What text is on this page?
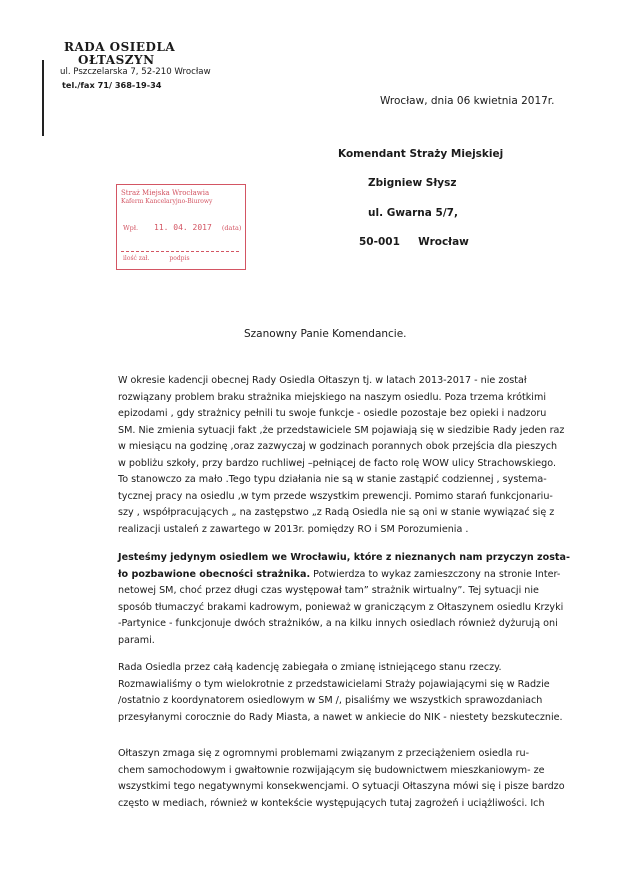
RADA OSIEDLA
OŁTASZYN
ul. Pszczelarska 7, 52-210 Wrocław
tel./fax 71/ 368-19-34
Wrocław, dnia 06 kwietnia 2017r.
Komendant Straży Miejskiej
Zbigniew Słysz
ul. Gwarna 5/7,
50-001 Wrocław
Straż Miejska Wrocławia
Kaferm Kancelaryjno-Biurowy
Wpł. 11. 04. 2017 (data)
ilość zał.	podpis
Szanowny Panie Komendancie.
W okresie kadencji obecnej Rady Osiedla Ołtaszyn tj. w latach 2013-2017 - nie został
rozwiązany problem braku strażnika miejskiego na naszym osiedlu. Poza trzema krótkimi
epizodami , gdy strażnicy pełnili tu swoje funkcje - osiedle pozostaje bez opieki i nadzoru
SM. Nie zmienia sytuacji fakt ,że przedstawiciele SM pojawiają się w siedzibie Rady jeden raz
w miesiącu na godzinę ,oraz zazwyczaj w godzinach porannych obok przejścia dla pieszych
w pobliżu szkoły, przy bardzo ruchliwej –pełniącej de facto rolę WOW ulicy Strachowskiego.
To stanowczo za mało .Tego typu działania nie są w stanie zastąpić codziennej , systema-
tycznej pracy na osiedlu ,w tym przede wszystkim prewencji. Pomimo starań funkcjonariu-
szy , współpracujących „ na zastępstwo „z Radą Osiedla nie są oni w stanie wywiązać się z
realizacji ustaleń z zawartego w 2013r. pomiędzy RO i SM Porozumienia .
Jesteśmy jedynym osiedlem we Wrocławiu, które z nieznanych nam przyczyn zosta-
ło pozbawione obecności strażnika. Potwierdza to wykaz zamieszczony na stronie Inter-
netowej SM, choć przez długi czas występował tam” strażnik wirtualny”. Tej sytuacji nie
sposób tłumaczyć brakami kadrowym, ponieważ w graniczącym z Ołtaszynem osiedlu Krzyki
-Partynice - funkcjonuje dwóch strażników, a na kilku innych osiedlach również dyżurują oni
parami.
Rada Osiedla przez całą kadencję zabiegała o zmianę istniejącego stanu rzeczy.
Rozmawialiśmy o tym wielokrotnie z przedstawicielami Straży pojawiającymi się w Radzie
/ostatnio z koordynatorem osiedlowym w SM /, pisaliśmy we wszystkich sprawozdaniach
przesyłanymi corocznie do Rady Miasta, a nawet w ankiecie do NIK - niestety bezskutecznie.
Ołtaszyn zmaga się z ogromnymi problemami związanym z przeciążeniem osiedla ru-
chem samochodowym i gwałtownie rozwijającym się budownictwem mieszkaniowym- ze
wszystkimi tego negatywnymi konsekwencjami. O sytuacji Ołtaszyna mówi się i pisze bardzo
często w mediach, również w kontekście występujących tutaj zagrożeń i uciążliwości. Ich
